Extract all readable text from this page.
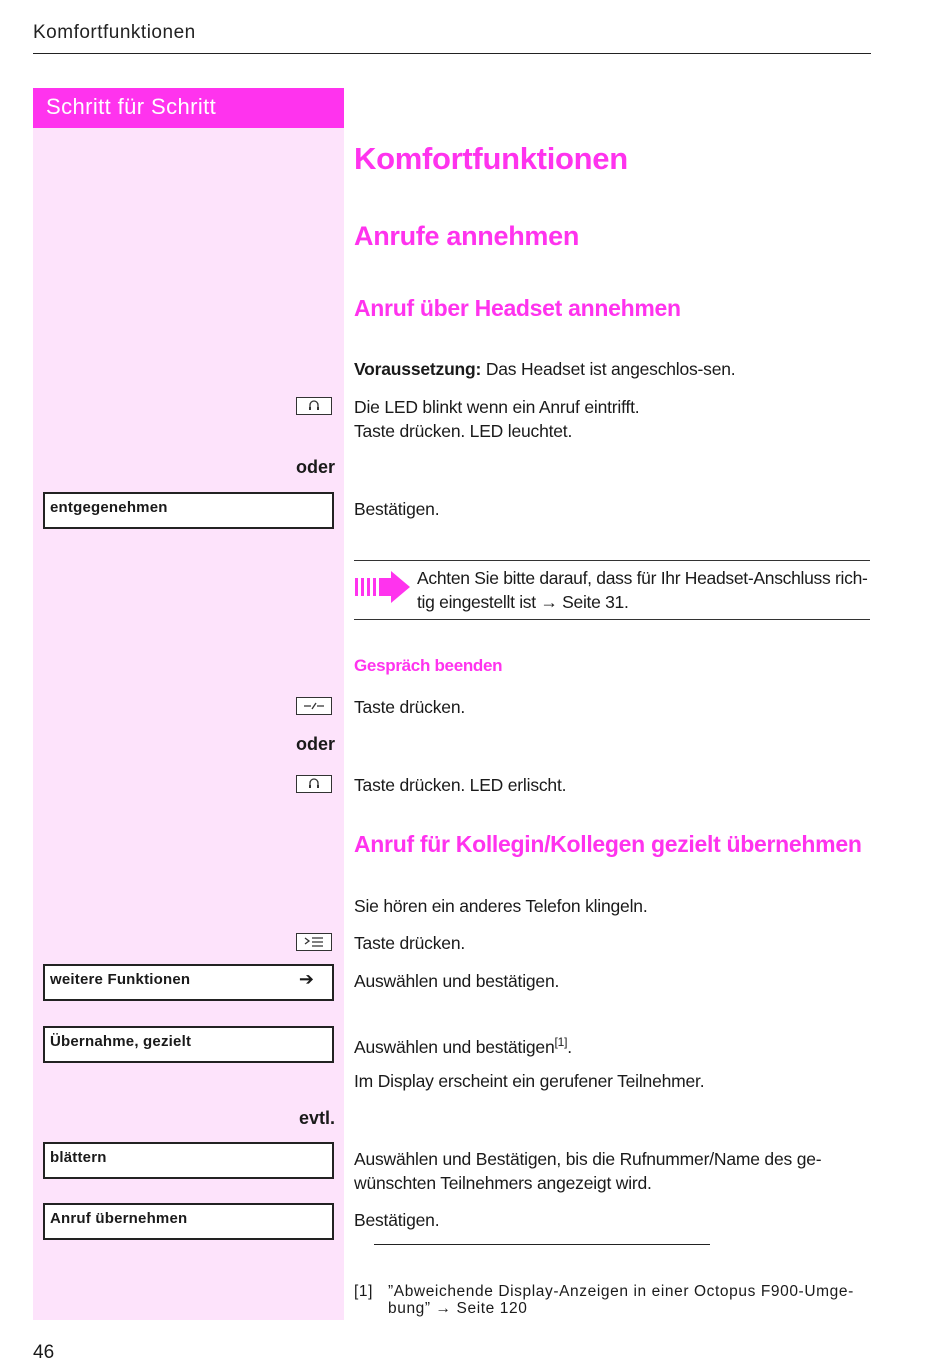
Komfortfunktionen
Schritt für Schritt
Komfortfunktionen
Anrufe annehmen
Anruf über Headset annehmen
Voraussetzung: Das Headset ist angeschlos-sen.
Die LED blinkt wenn ein Anruf eintrifft.
Taste drücken. LED leuchtet.
oder
entgegenehmen	Bestätigen.
Achten Sie bitte darauf, dass für Ihr Headset-Anschluss rich-
tig eingestellt ist → Seite 31.
Gespräch beenden
Taste drücken.
oder
Taste drücken. LED erlischt.
Anruf für Kollegin/Kollegen gezielt übernehmen
Sie hören ein anderes Telefon klingeln.
Taste drücken.
weitere Funktionen	➔ Auswählen und bestätigen.
Übernahme, gezielt	Auswählen und bestätigen[1].
Im Display erscheint ein gerufener Teilnehmer.
evtl.
blättern	Auswählen und Bestätigen, bis die Rufnummer/Name des ge-
wünschten Teilnehmers angezeigt wird.
Anruf übernehmen	Bestätigen.
[1] ”Abweichende Display-Anzeigen in einer Octopus F900-Umge-
bung” → Seite 120
46
